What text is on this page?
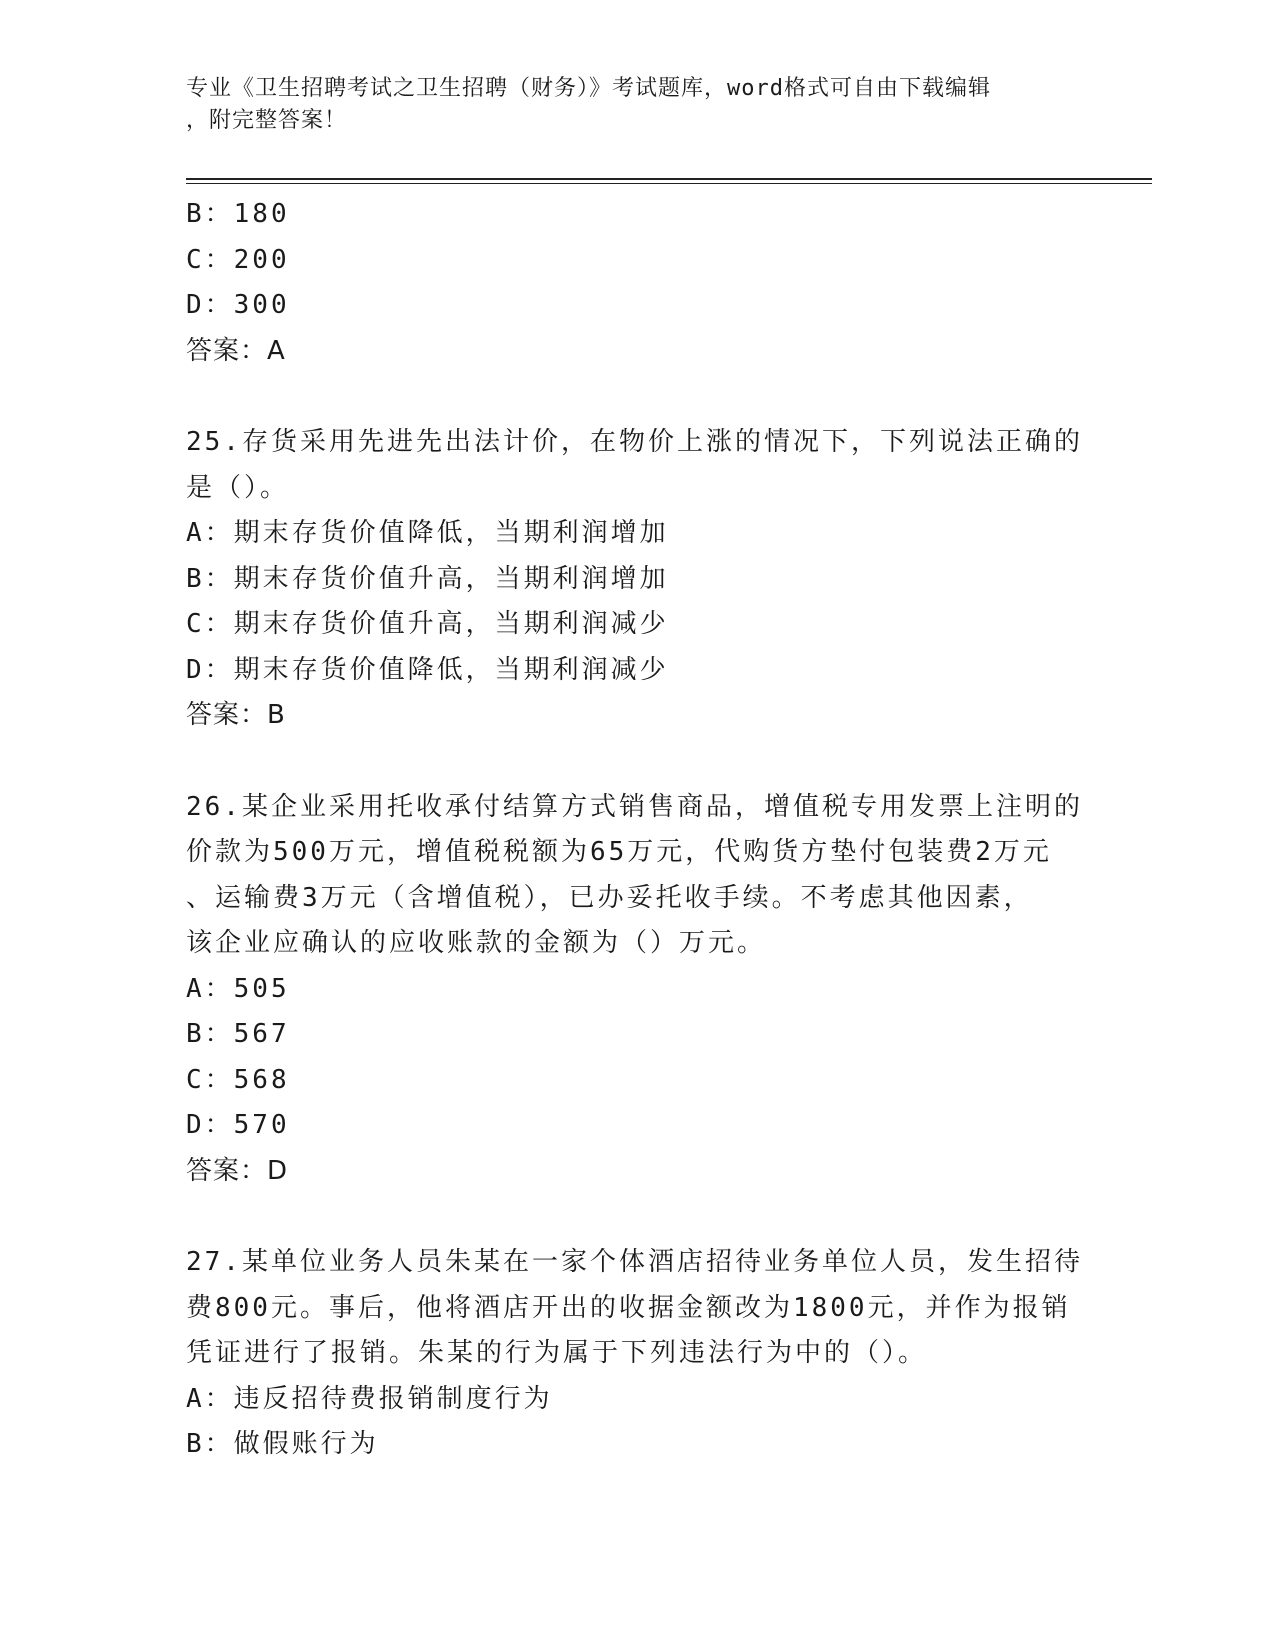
专业《卫生招聘考试之卫生招聘（财务）》考试题库，word格式可自由下载编辑
，附完整答案！
B：180
C：200
D：300
答案：A
25.存货采用先进先出法计价，在物价上涨的情况下，下列说法正确的
是（）。
A：期末存货价值降低，当期利润增加
B：期末存货价值升高，当期利润增加
C：期末存货价值升高，当期利润减少
D：期末存货价值降低，当期利润减少
答案：B
26.某企业采用托收承付结算方式销售商品，增值税专用发票上注明的
价款为500万元，增值税税额为65万元，代购货方垫付包装费2万元
、运输费3万元（含增值税），已办妥托收手续。不考虑其他因素，
该企业应确认的应收账款的金额为（）万元。
A：505
B：567
C：568
D：570
答案：D
27.某单位业务人员朱某在一家个体酒店招待业务单位人员，发生招待
费800元。事后，他将酒店开出的收据金额改为1800元，并作为报销
凭证进行了报销。朱某的行为属于下列违法行为中的（）。
A：违反招待费报销制度行为
B：做假账行为
